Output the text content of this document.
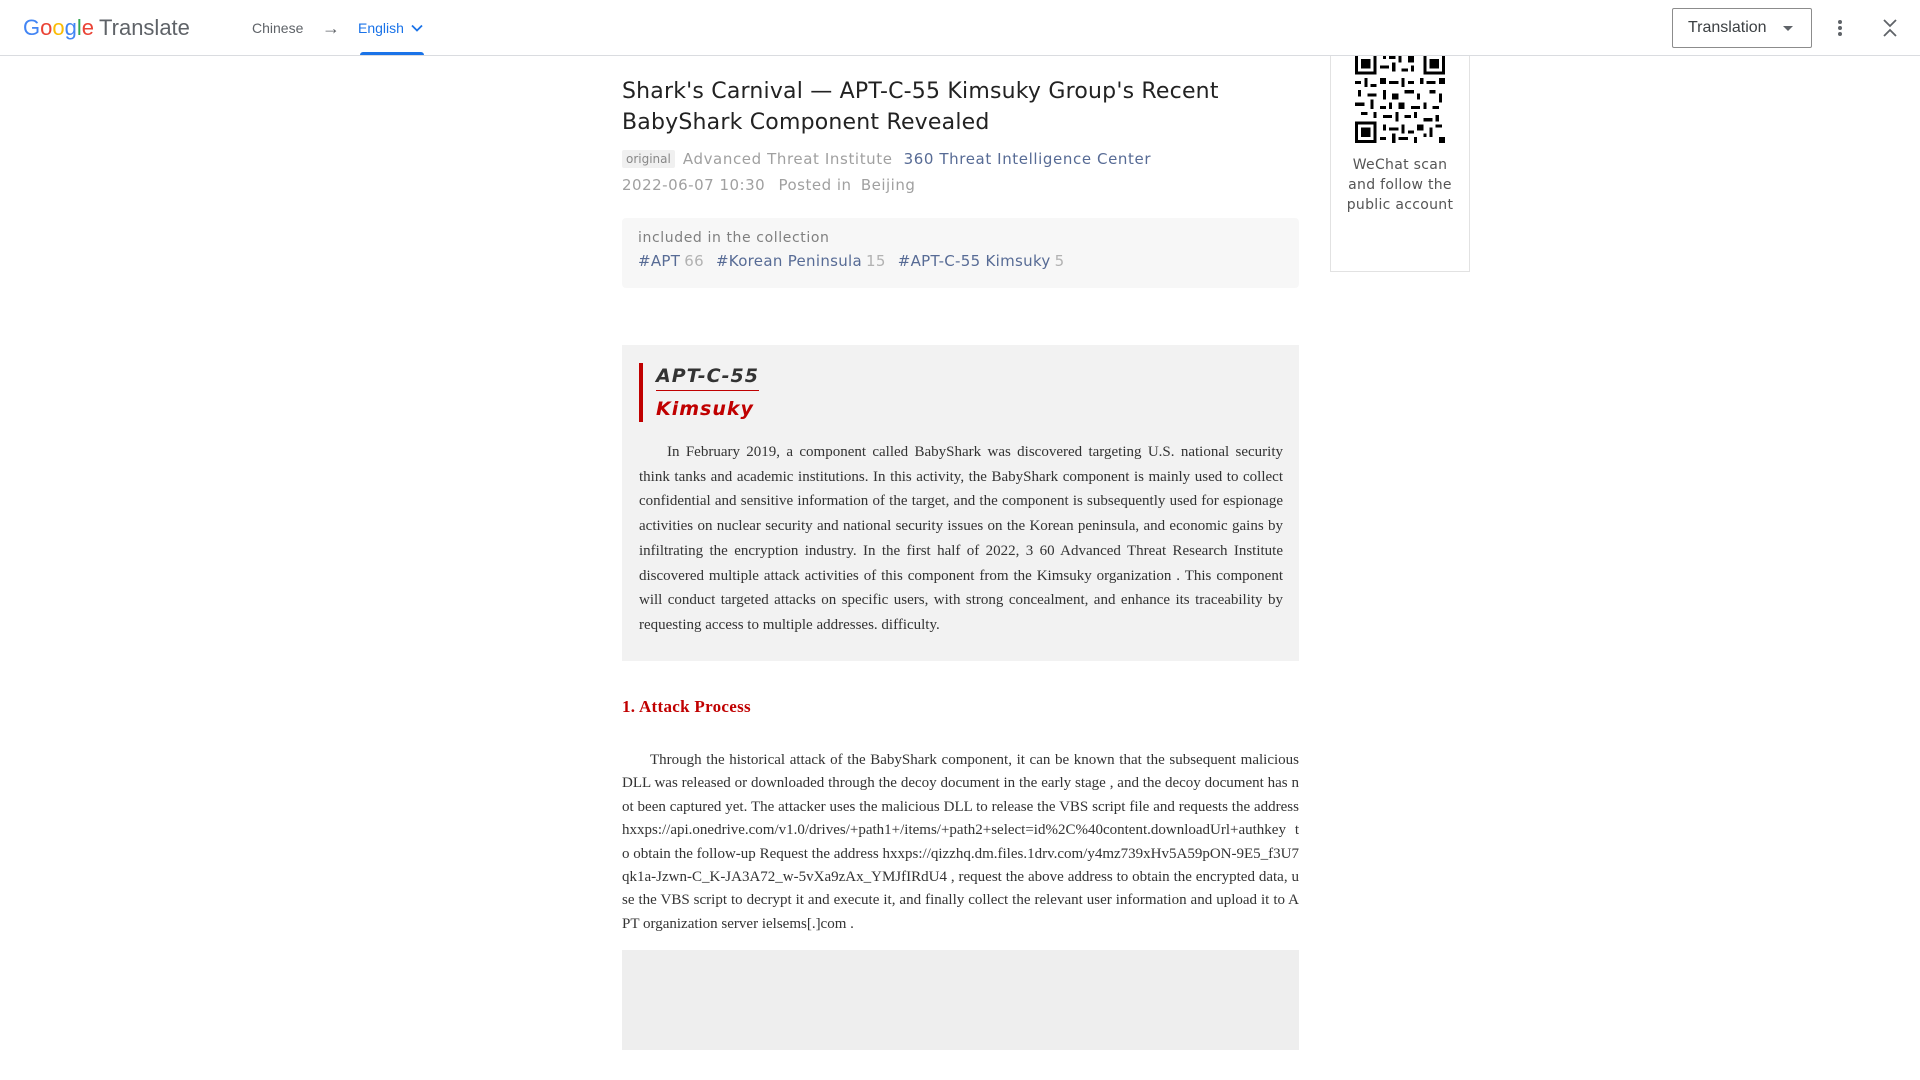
Google Translate	Chinese → English	Translation
Shark's Carnival — APT-C-55 Kimsuky Group's Recent BabyShark Component Revealed
original Advanced Threat Institute 360 Threat Intelligence Center
2022-06-07 10:30 Posted in Beijing
included in the collection
#APT 66 #Korean Peninsula 15 #APT-C-55 Kimsuky 5
APT-C-55
Kimsuky

In February 2019, a component called BabyShark was discovered targeting U.S. national security think tanks and academic institutions. In this activity, the BabyShark component is mainly used to collect confidential and sensitive information of the target, and the component is subsequently used for espionage activities on nuclear security and national security issues on the Korean peninsula, and economic gains by infiltrating the encryption industry. In the first half of 2022, 3 60 Advanced Threat Research Institute discovered multiple attack activities of this component from the Kimsuky organization . This component will conduct targeted attacks on specific users, with strong concealment, and enhance its traceability by requesting access to multiple addresses. difficulty.

1. Attack Process

Through the historical attack of the BabyShark component, it can be known that the subsequent malicious DLL was released or downloaded through the decoy document in the early stage , and the decoy document has not been captured yet. The attacker uses the malicious DLL to release the VBS script file and requests the address hxxps://api.onedrive.com/v1.0/drives/+path1+/items/+path2+select=id%2C%40content.downloadUrl+authkey to obtain the follow-up Request the address hxxps://qizzhq.dm.files.1drv.com/y4mz739xHv5A59pON-9E5_f3U7qk1a-Jzwn-C_K-JA3A72_w-5vXa9zAx_YMJfIRdU4 , request the above address to obtain the encrypted data, use the VBS script to decrypt it and execute it, and finally collect the relevant user information and upload it to A PT organization server ielsems[.]com .

WeChat scan and follow the public account
